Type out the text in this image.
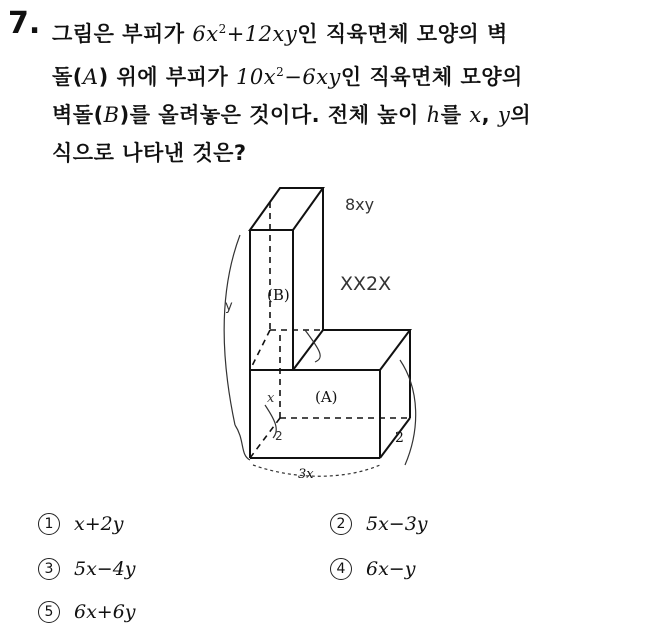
7. 그림은 부피가 $6x^2+12xy$인 직육면체 모양의 벽
돌(A) 위에 부피가 $10x^2-6xy$인 직육면체 모양의
벽돌(B)를 올려놓은 것이다. 전체 높이 h를 x, y의
식으로 나타낸 것은?
(B)
(A)
3x
2
8xy
XX2X
y
x
2
1	x+2y	2	5x−3y
3	5x−4y	4	6x−y
5	6x+6y
